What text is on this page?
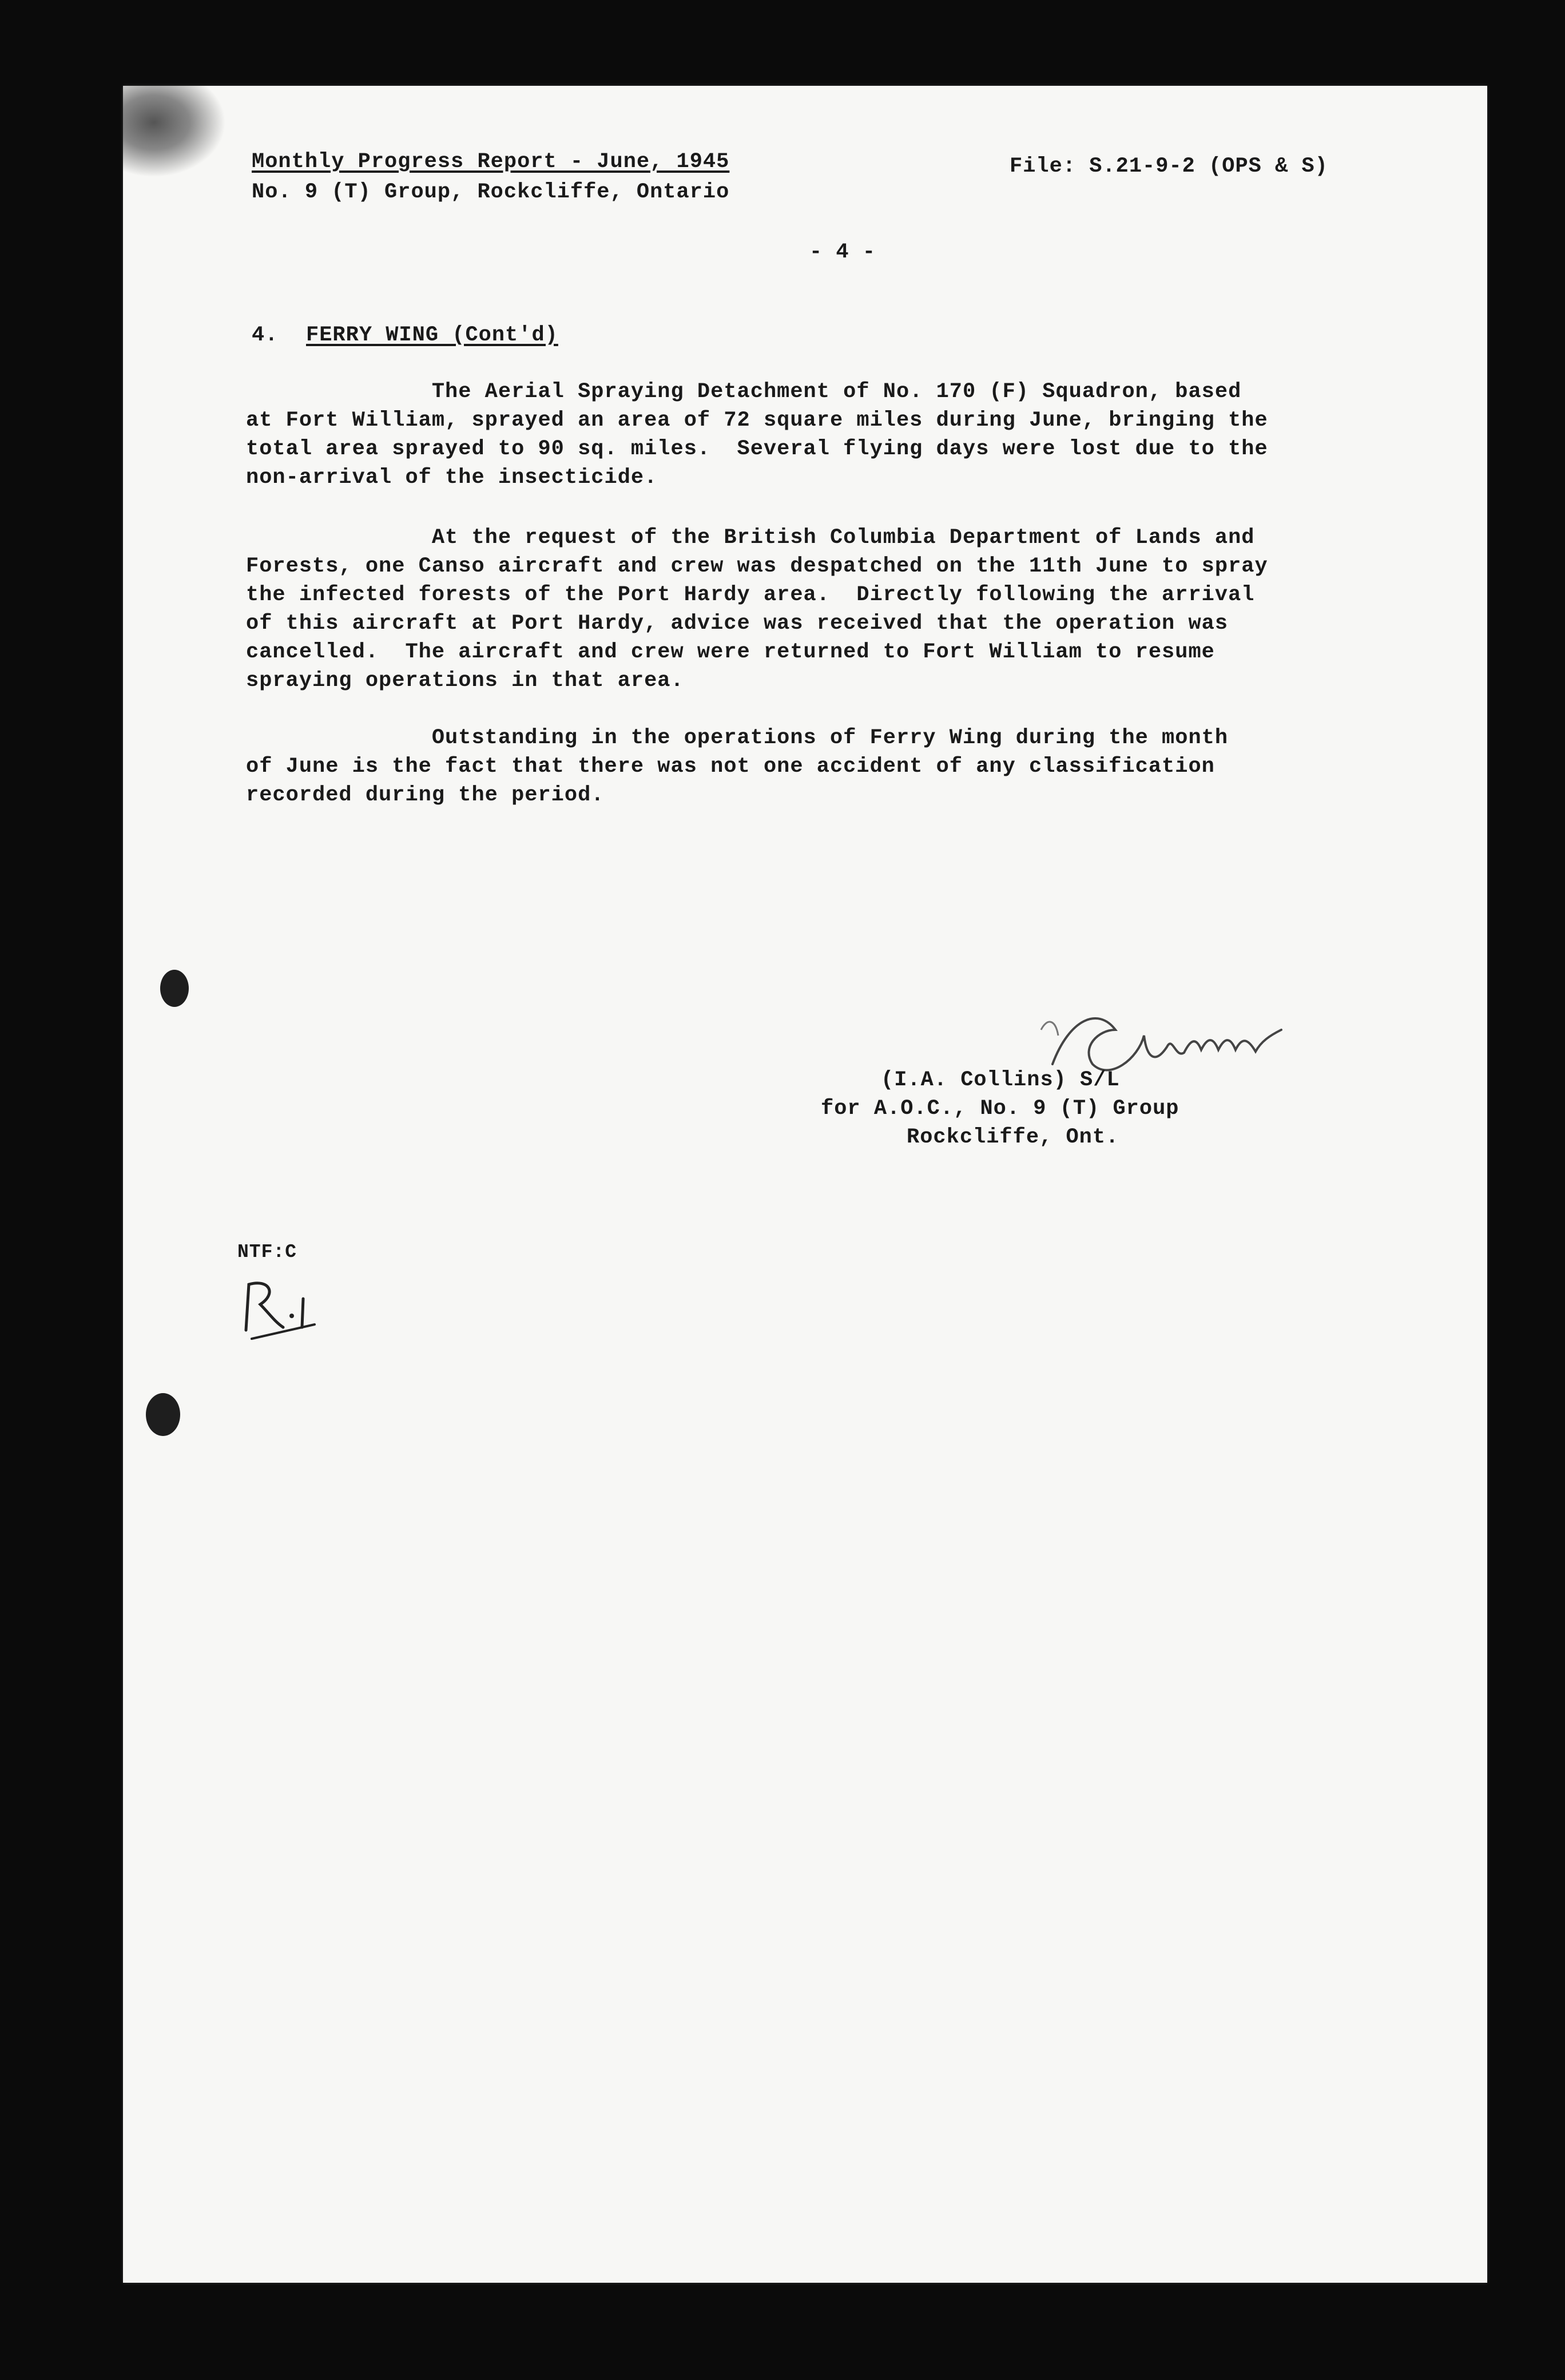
Monthly Progress Report - June, 1945
No. 9 (T) Group, Rockcliffe, Ontario
File: S.21-9-2 (OPS & S)
- 4 -
4. FERRY WING (Cont'd)
The Aerial Spraying Detachment of No. 170 (F) Squadron, based
at Fort William, sprayed an area of 72 square miles during June, bringing the
total area sprayed to 90 sq. miles.  Several flying days were lost due to the
non-arrival of the insecticide.
At the request of the British Columbia Department of Lands and
Forests, one Canso aircraft and crew was despatched on the 11th June to spray
the infected forests of the Port Hardy area.  Directly following the arrival
of this aircraft at Port Hardy, advice was received that the operation was
cancelled.  The aircraft and crew were returned to Fort William to resume
spraying operations in that area.
Outstanding in the operations of Ferry Wing during the month
of June is the fact that there was not one accident of any classification
recorded during the period.
(I.A. Collins) S/L
for A.O.C., No. 9 (T) Group
Rockcliffe, Ont.
NTF:C
